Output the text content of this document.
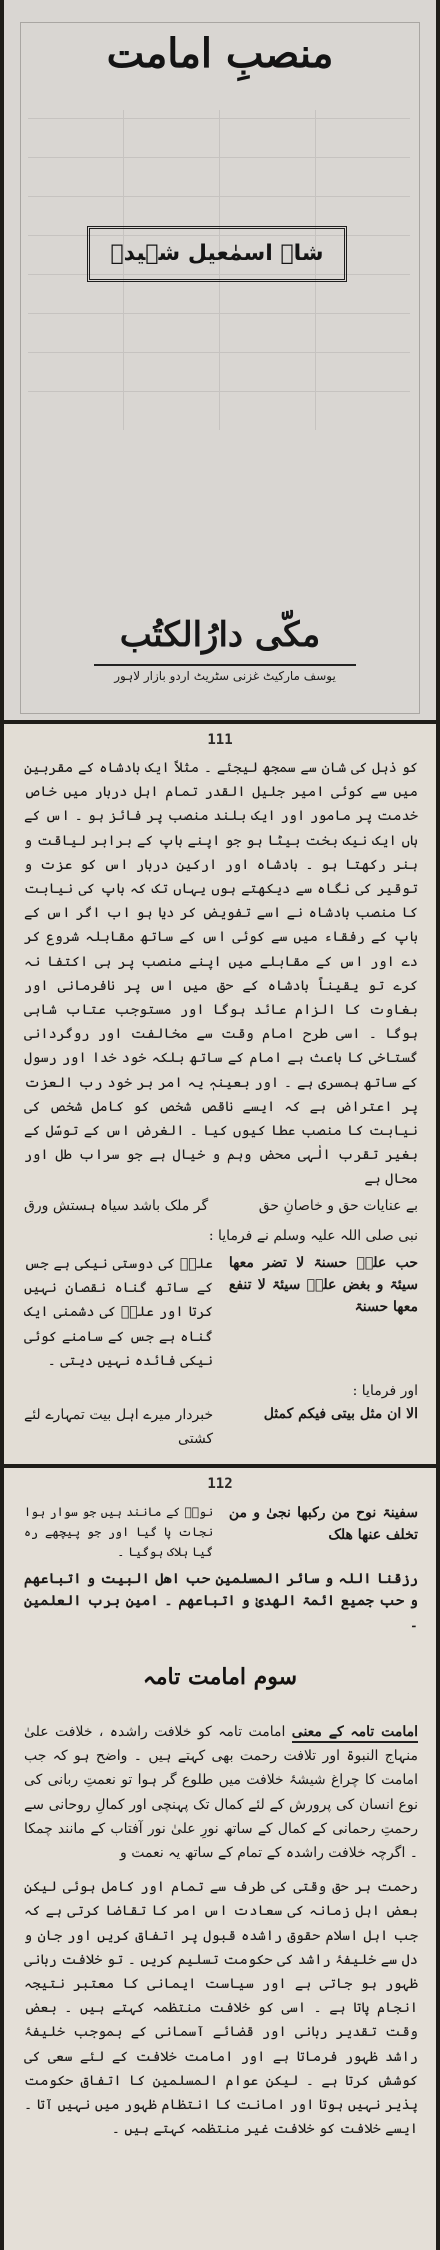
منصبِ امامت
شاہ اسمٰعیل شہیدؒ
مکّی دارُالکتُب
یوسف مارکیٹ غزنی سٹریٹ اردو بازار لاہور
111

کو ذہل کی شان سے سمجھ لیجئے ۔ مثلاً ایک بادشاہ کے مقربین میں سے کوئی امیر جلیل القدر تمام اہل دربار میں خاص خدمت پر مامور اور ایک بلند منصب پر فائز ہو ۔ اس کے ہاں ایک نیک بخت بیٹا ہو جو اپنے باپ کے برابر لیاقت و ہنر رکھتا ہو ۔ بادشاہ اور ارکین دربار اس کو عزت و توقیر کی نگاہ سے دیکھتے ہوں یہاں تک کہ باپ کی نیابت کا منصب بادشاہ نے اسے تفویض کر دیا ہو اب اگر اس کے باپ کے رفقاء میں سے کوئی اس کے ساتھ مقابلہ شروع کر دے اور اس کے مقابلے میں اپنے منصب پر ہی اکتفا نہ کرے تو یقیناً بادشاہ کے حق میں اس پر نافرمانی اور بغاوت کا الزام عائد ہوگا اور مستوجب عتاب شاہی ہوگا ۔ اسی طرح امام وقت سے مخالفت اور روگردانی گستاخی کا باعث ہے امام کے ساتھ بلکہ خود خدا اور رسول کے ساتھ ہمسری ہے ۔ اور بعینہٖ یہ امر بر خود رب العزت پر اعتراض ہے کہ ایسے ناقص شخص کو کامل شخص کی نیابت کا منصب عطا کیوں کیا ۔ الغرض اس کے توسّل کے بغیر تقرب الٰہی محض وہم و خیال ہے جو سراب طل اور محال ہے

بے عنایات حق و خاصانِ حق
گر ملک باشد سیاہ ہستش ورق

نبی صلی اللہ علیہ وسلم نے فرمایا :

حب علیؓ حسنۃ لا تضر معھا سیئۃ و بغض علیؓ سیئۃ لا تنفع معھا حسنۃ
علیؓ کی دوستی نیکی ہے جس کے ساتھ گناہ نقصان نہیں کرتا اور علیؓ کی دشمنی ایک گناہ ہے جس کے سامنے کوئی نیکی فائدہ نہیں دیتی ۔

اور فرمایا :

الا ان مثل بیتی فیکم کمثل
خبردار میرے اہل بیت تمہارے لئے کشتی
112
سفینۃ نوح من رکبھا نجیٰ و من تخلف عنھا ھلک
نوحؑ کے مانند ہیں جو سوار ہوا نجات پا گیا اور جو پیچھے رہ گیا ہلاک ہوگیا ۔

رزقنا اللہ و سائر المسلمین حب اھل البیت و اتباعھم و حب جمیع ائمۃ الھدیٰ و اتباعھم ۔ امین برب العلمین ۔

سوم امامت تامہ

امامت تامہ کے معنی امامت تامہ کو خلافت راشدہ ، خلافت علیٰ منہاج النبوۃ اور تلافت رحمت بھی کہتے ہیں ۔ واضح ہو کہ جب امامت کا چراغ شیشۂ خلافت میں طلوع گر ہوا تو نعمتِ ربانی کی نوع انسان کی پرورش کے لئے کمال تک پہنچی اور کمالِ روحانی سے رحمتِ رحمانی کے کمال کے ساتھ نورِ علیٰ نور آفتاب کے مانند چمکا ۔ اگرچہ خلافت راشدہ کے تمام کے ساتھ یہ نعمت و

رحمت ہر حق وقتی کی طرف سے تمام اور کامل ہوئی لیکن بعض اہل زمانہ کی سعادت اس امر کا تقاضا کرتی ہے کہ جب اہل اسلام حقوق راشدہ قبول پر اتفاق کریں اور جان و دل سے خلیفۂ راشد کی حکومت تسلیم کریں ۔ تو خلافت ربانی ظہور ہو جاتی ہے اور سیاست ایمانی کا معتبر نتیجہ انجام پاتا ہے ۔ اسی کو خلافت منتظمہ کہتے ہیں ۔ بعض وقت تقدیر ربانی اور قضائے آسمانی کے بموجب خلیفۂ راشد ظہور فرماتا ہے اور امامت خلافت کے لئے سعی کی کوشش کرتا ہے ۔ لیکن عوام المسلمین کا اتفاق حکومت پذیر نہیں ہوتا اور امانت کا انتظام ظہور میں نہیں آتا ۔ ایسے خلافت کو خلافت غیر منتظمہ کہتے ہیں ۔
